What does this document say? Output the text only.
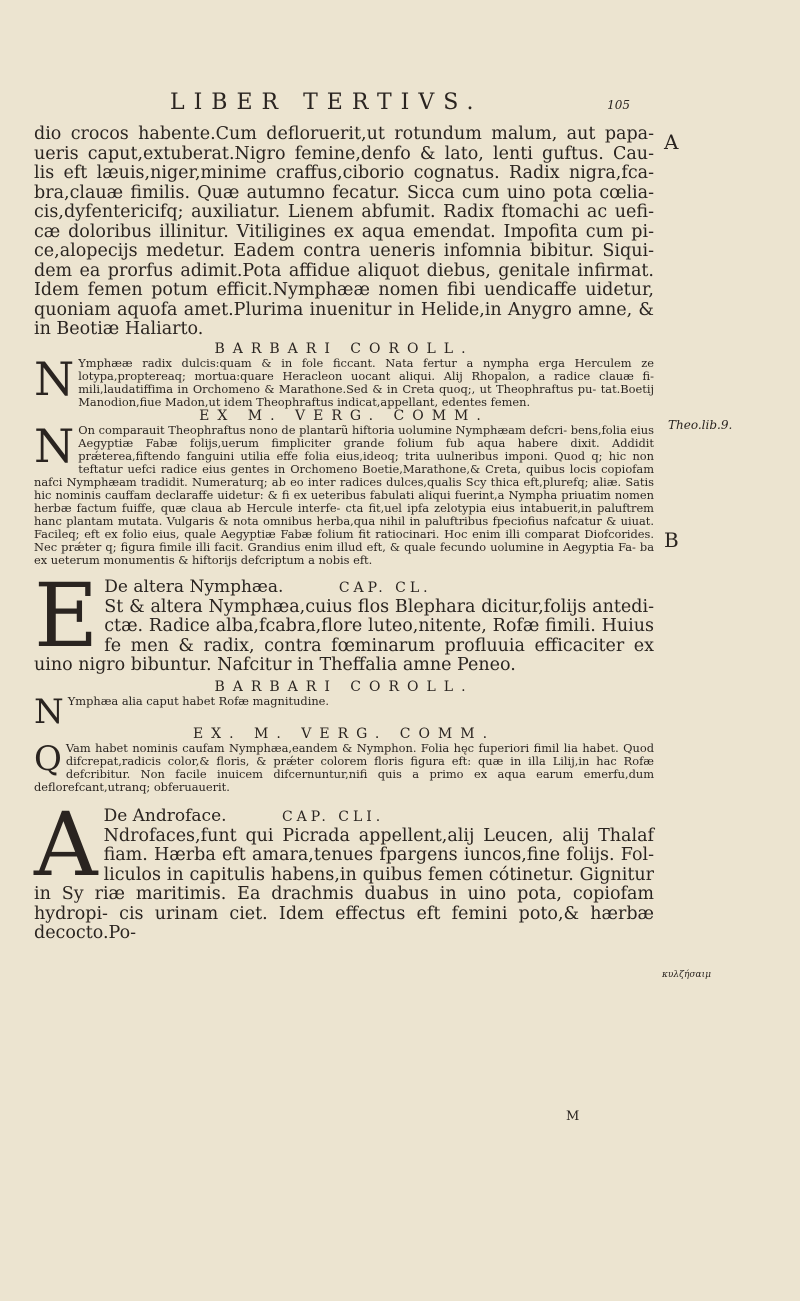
LIBER TERTIVS.	105
A
Theo.lib.9.
B
κυλζήσαιμ

dio crocos habente.Cum defloruerit,ut rotundum malum, aut papa- ueris caput,extuberat.Nigro femine,denfo & lato, lenti guftus. Cau- lis eft læuis,niger,minime craffus,ciborio cognatus. Radix nigra,fca- bra,clauæ fimilis. Quæ autumno fecatur. Sicca cum uino pota cœlia- cis,dyfentericifq; auxiliatur. Lienem abfumit. Radix ftomachi ac uefi- cæ doloribus illinitur. Vitiligines ex aqua emendat. Impofita cum pi- ce,alopecijs medetur. Eadem contra ueneris infomnia bibitur. Siqui- dem ea prorfus adimit.Pota affidue aliquot diebus, genitale infirmat. Idem femen potum efficit.Nymphææ nomen fibi uendicaffe uidetur, quoniam aquofa amet.Plurima inuenitur in Helide,in Anygro amne, & in Beotiæ Haliarto.

BARBARI COROLL.

N Ymphææ radix dulcis:quam & in fole ficcant. Nata fertur a nympha erga Herculem ze lotypa,proptereaq; mortua:quare Heracleon uocant aliqui. Alij Rhopalon, a radice clauæ fi- mili,laudatiffima in Orchomeno & Marathone.Sed & in Creta quoq;, ut Theophraftus pu- tat.Boetij Manodion,fiue Madon,ut idem Theophraftus indicat,appellant, edentes femen.

EX M. VERG. COMM.

N On comparauit Theophraftus nono de plantarũ hiftoria uolumine Nymphæam defcri- bens,folia eius Aegyptiæ Fabæ folijs,uerum fimpliciter grande folium fub aqua habere dixit. Addidit prǽterea,fiftendo fanguini utilia effe folia eius,ideoq; trita uulneribus imponi. Quod q; hic non teftatur uefci radice eius gentes in Orchomeno Boetie,Marathone,& Creta, quibus locis copiofam nafci Nymphæam tradidit. Numeraturq; ab eo inter radices dulces,qualis Scy thica eft,plurefq; aliæ. Satis hic nominis cauffam declaraffe uidetur: & fi ex ueteribus fabulati aliqui fuerint,a Nympha priuatim nomen herbæ factum fuiffe, quæ claua ab Hercule interfe- cta fit,uel ipfa zelotypia eius intabuerit,in paluftrem hanc plantam mutata. Vulgaris & nota omnibus herba,qua nihil in paluftribus fpeciofius nafcatur & uiuat. Facileq; eft ex folio eius, quale Aegyptiæ Fabæ folium fit ratiocinari. Hoc enim illi comparat Diofcorides. Nec prǽter q; figura fimile illi facit. Grandius enim illud eft, & quale fecundo uolumine in Aegyptia Fa- ba ex ueterum monumentis & hiftorijs defcriptum a nobis eft.

E De altera Nymphæa.	CAP. CL.

St & altera Nymphæa,cuius flos Blephara dicitur,folijs antedi- ctæ. Radice alba,fcabra,flore luteo,nitente, Rofæ fimili. Huius fe men & radix, contra fœminarum profluuia efficaciter ex uino nigro bibuntur. Nafcitur in Theffalia amne Peneo.

BARBARI COROLL.

N Ymphæa alia caput habet Rofæ magnitudine.

EX. M. VERG. COMM.

Q Vam habet nominis caufam Nymphæa,eandem & Nymphon. Folia hęc fuperiori fimil lia habet. Quod difcrepat,radicis color,& floris, & prǽter colorem floris figura eft: quæ in illa Lilij,in hac Rofæ defcribitur. Non facile inuicem difcernuntur,nifi quis a primo ex aqua earum emerfu,dum deflorefcant,utranq; obferuauerit.

A De Androface.	CAP. CLI.

Ndrofaces,funt qui Picrada appellent,alij Leucen, alij Thalaf fiam. Hærba eft amara,tenues fpargens iuncos,fine folijs. Fol- liculos in capitulis habens,in quibus femen cótinetur. Gignitur in Sy riæ maritimis. Ea drachmis duabus in uino pota, copiofam hydropi- cis urinam ciet. Idem effectus eft femini poto,& hærbæ decocto.Po-

M
